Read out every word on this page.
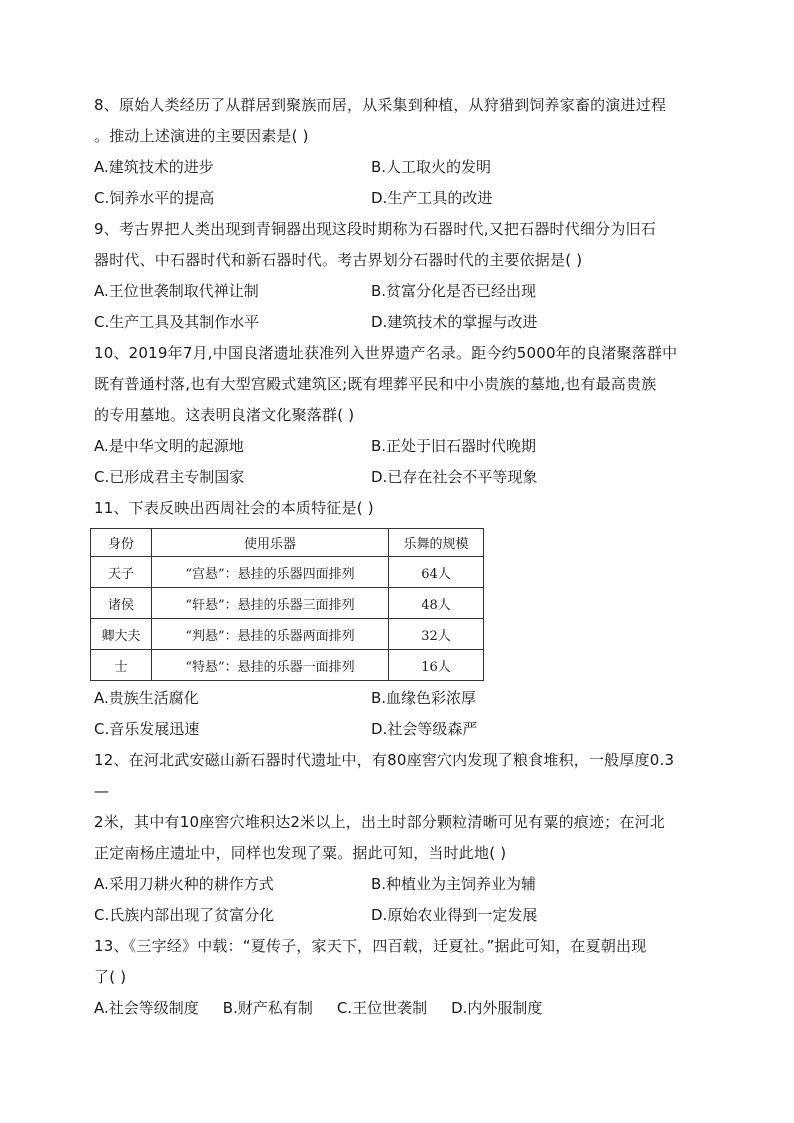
8、原始人类经历了从群居到聚族而居，从采集到种植，从狩猎到饲养家畜的演进过程
。推动上述演进的主要因素是( )
A.建筑技术的进步	B.人工取火的发明
C.饲养水平的提高	D.生产工具的改进
9、考古界把人类出现到青铜器出现这段时期称为石器时代,又把石器时代细分为旧石
器时代、中石器时代和新石器时代。考古界划分石器时代的主要依据是( )
A.王位世袭制取代禅让制	B.贫富分化是否已经出现
C.生产工具及其制作水平	D.建筑技术的掌握与改进
10、2019年7月,中国良渚遗址获准列入世界遗产名录。距今约5000年的良渚聚落群中
既有普通村落,也有大型宫殿式建筑区;既有埋葬平民和中小贵族的墓地,也有最高贵族
的专用墓地。这表明良渚文化聚落群( )
A.是中华文明的起源地	B.正处于旧石器时代晚期
C.已形成君主专制国家	D.已存在社会不平等现象
11、下表反映出西周社会的本质特征是( )
身份	使用乐器	乐舞的规模
天子	“宫悬”：悬挂的乐器四面排列	64人
诸侯	“轩悬”：悬挂的乐器三面排列	48人
卿大夫	“判悬”：悬挂的乐器两面排列	32人
士	“特悬”：悬挂的乐器一面排列	16人
A.贵族生活腐化	B.血缘色彩浓厚
C.音乐发展迅速	D.社会等级森严
12、在河北武安磁山新石器时代遗址中，有80座窖穴内发现了粮食堆积，一般厚度0.3
—
2米，其中有10座窖穴堆积达2米以上，出土时部分颗粒清晰可见有粟的痕迹；在河北
正定南杨庄遗址中，同样也发现了粟。据此可知，当时此地( )
A.采用刀耕火种的耕作方式	B.种植业为主饲养业为辅
C.氏族内部出现了贫富分化	D.原始农业得到一定发展
13、《三字经》中载：“夏传子，家天下，四百载，迁夏社。”据此可知，在夏朝出现
了( )
A.社会等级制度 B.财产私有制 C.王位世袭制 D.内外服制度
